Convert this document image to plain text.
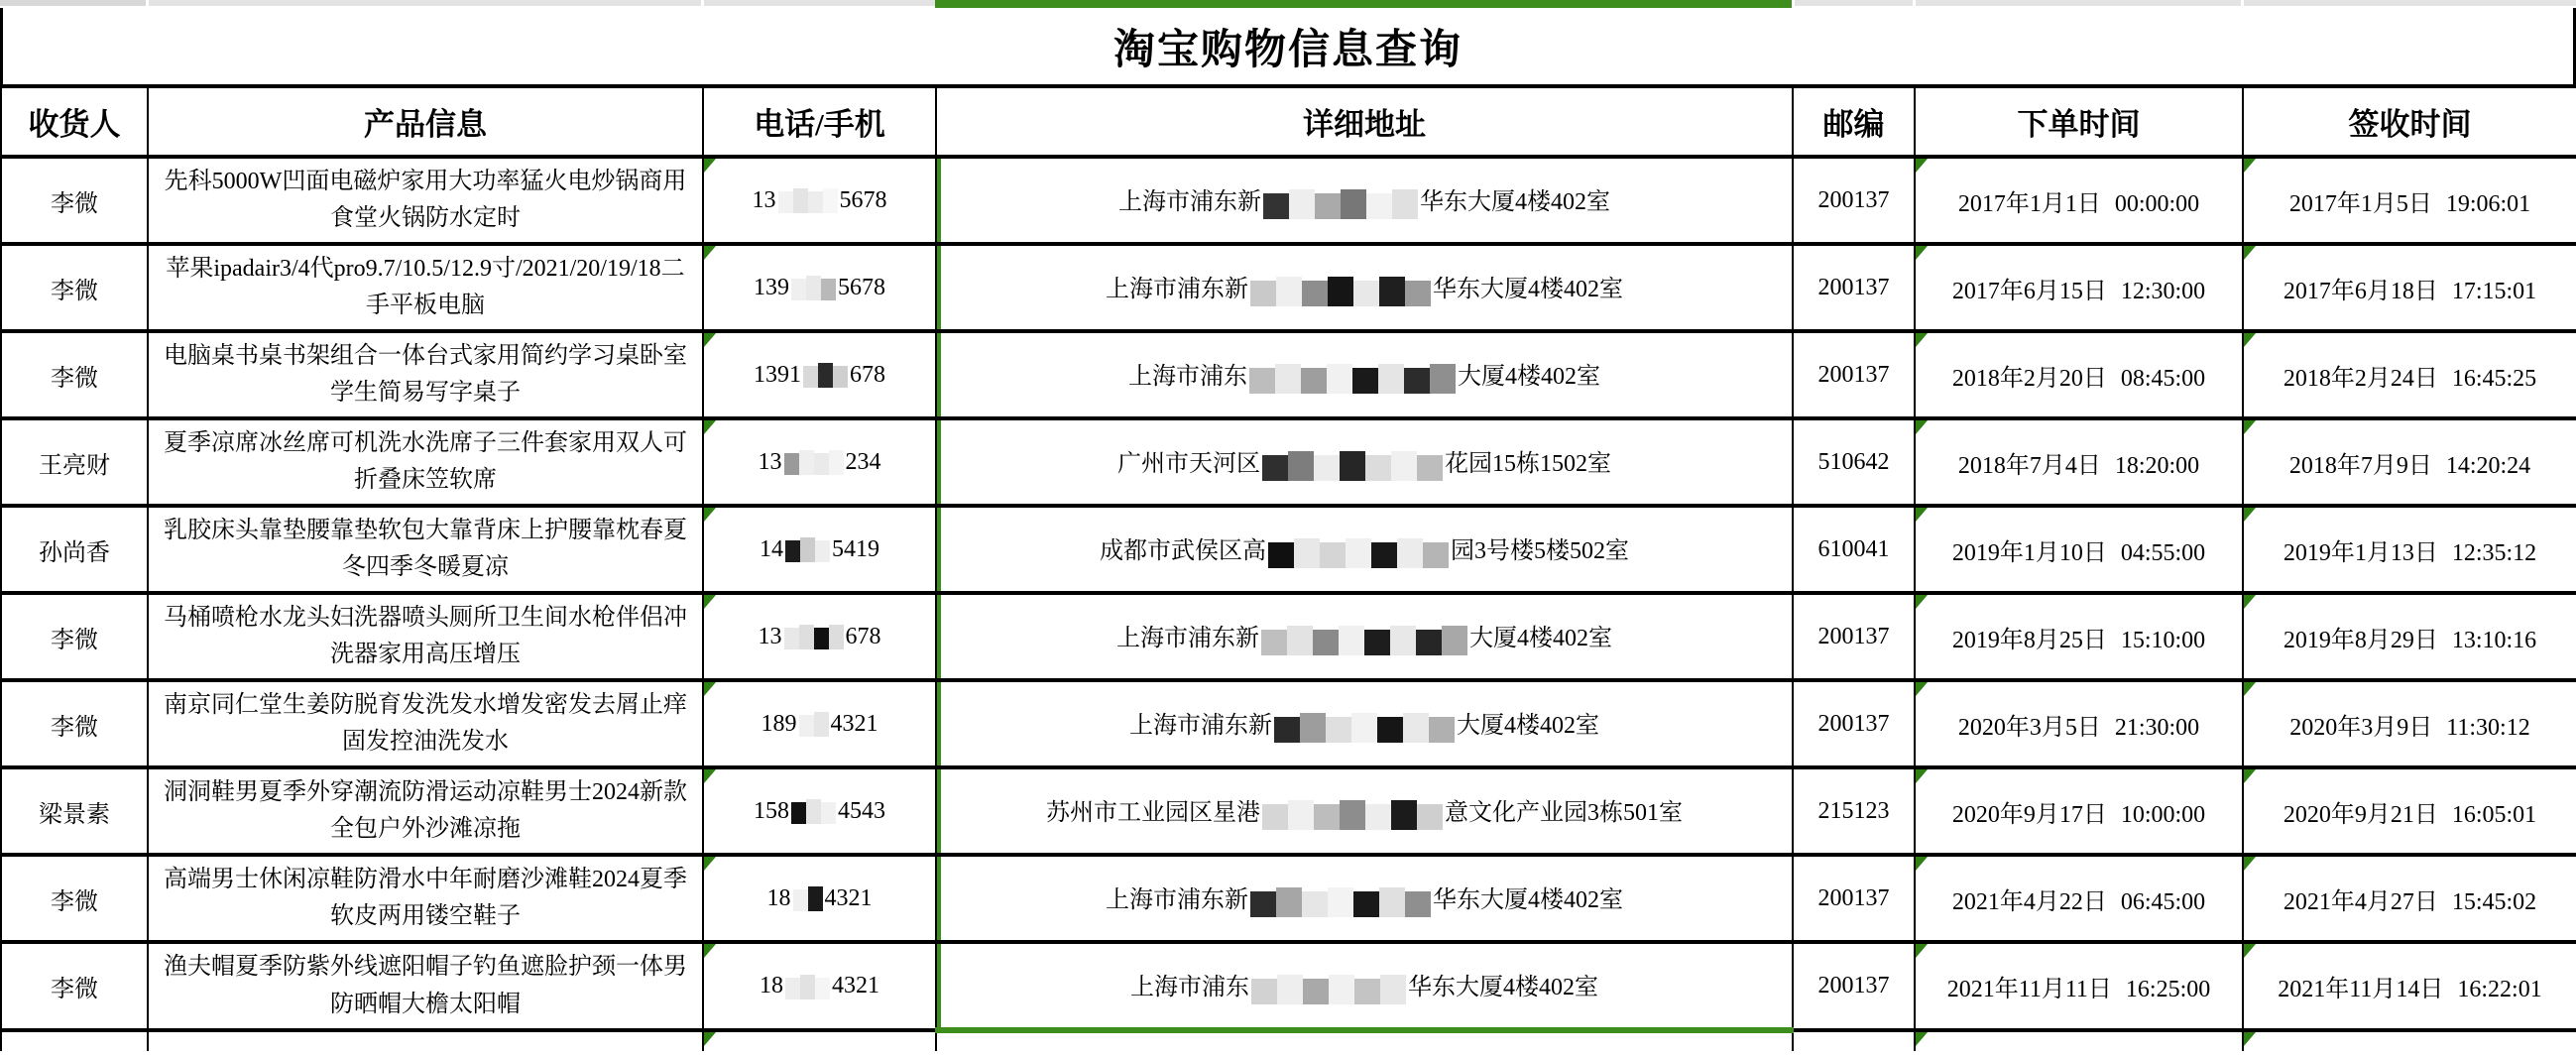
淘宝购物信息查询
收货人	产品信息	电话/手机	详细地址	邮编	下单时间	签收时间
李微	先科5000W凹面电磁炉家用大功率猛火电炒锅商用食堂火锅防水定时	13 5678	上海市浦东新 华东大厦4楼402室	200137	2017年1月1日 00:00:00	2017年1月5日 19:06:01
李微	苹果ipadair3/4代pro9.7/10.5/12.9寸/2021/20/19/18二手平板电脑	139 5678	上海市浦东新 华东大厦4楼402室	200137	2017年6月15日 12:30:00	2017年6月18日 17:15:01
李微	电脑桌书桌书架组合一体台式家用简约学习桌卧室学生简易写字桌子	1391 678	上海市浦东 大厦4楼402室	200137	2018年2月20日 08:45:00	2018年2月24日 16:45:25
王亮财	夏季凉席冰丝席可机洗水洗席子三件套家用双人可折叠床笠软席	13 234	广州市天河区 花园15栋1502室	510642	2018年7月4日 18:20:00	2018年7月9日 14:20:24
孙尚香	乳胶床头靠垫腰靠垫软包大靠背床上护腰靠枕春夏冬四季冬暖夏凉	14 5419	成都市武侯区高 园3号楼5楼502室	610041	2019年1月10日 04:55:00	2019年1月13日 12:35:12
李微	马桶喷枪水龙头妇洗器喷头厕所卫生间水枪伴侣冲洗器家用高压增压	13 678	上海市浦东新 大厦4楼402室	200137	2019年8月25日 15:10:00	2019年8月29日 13:10:16
李微	南京同仁堂生姜防脱育发洗发水增发密发去屑止痒固发控油洗发水	189 4321	上海市浦东新 大厦4楼402室	200137	2020年3月5日 21:30:00	2020年3月9日 11:30:12
梁景素	洞洞鞋男夏季外穿潮流防滑运动凉鞋男士2024新款全包户外沙滩凉拖	158 4543	苏州市工业园区星港 意文化产业园3栋501室	215123	2020年9月17日 10:00:00	2020年9月21日 16:05:01
李微	高端男士休闲凉鞋防滑水中年耐磨沙滩鞋2024夏季软皮两用镂空鞋子	18 4321	上海市浦东新 华东大厦4楼402室	200137	2021年4月22日 06:45:00	2021年4月27日 15:45:02
李微	渔夫帽夏季防紫外线遮阳帽子钓鱼遮脸护颈一体男防晒帽大檐太阳帽	18 4321	上海市浦东 华东大厦4楼402室	200137	2021年11月11日 16:25:00	2021年11月14日 16:22:01
